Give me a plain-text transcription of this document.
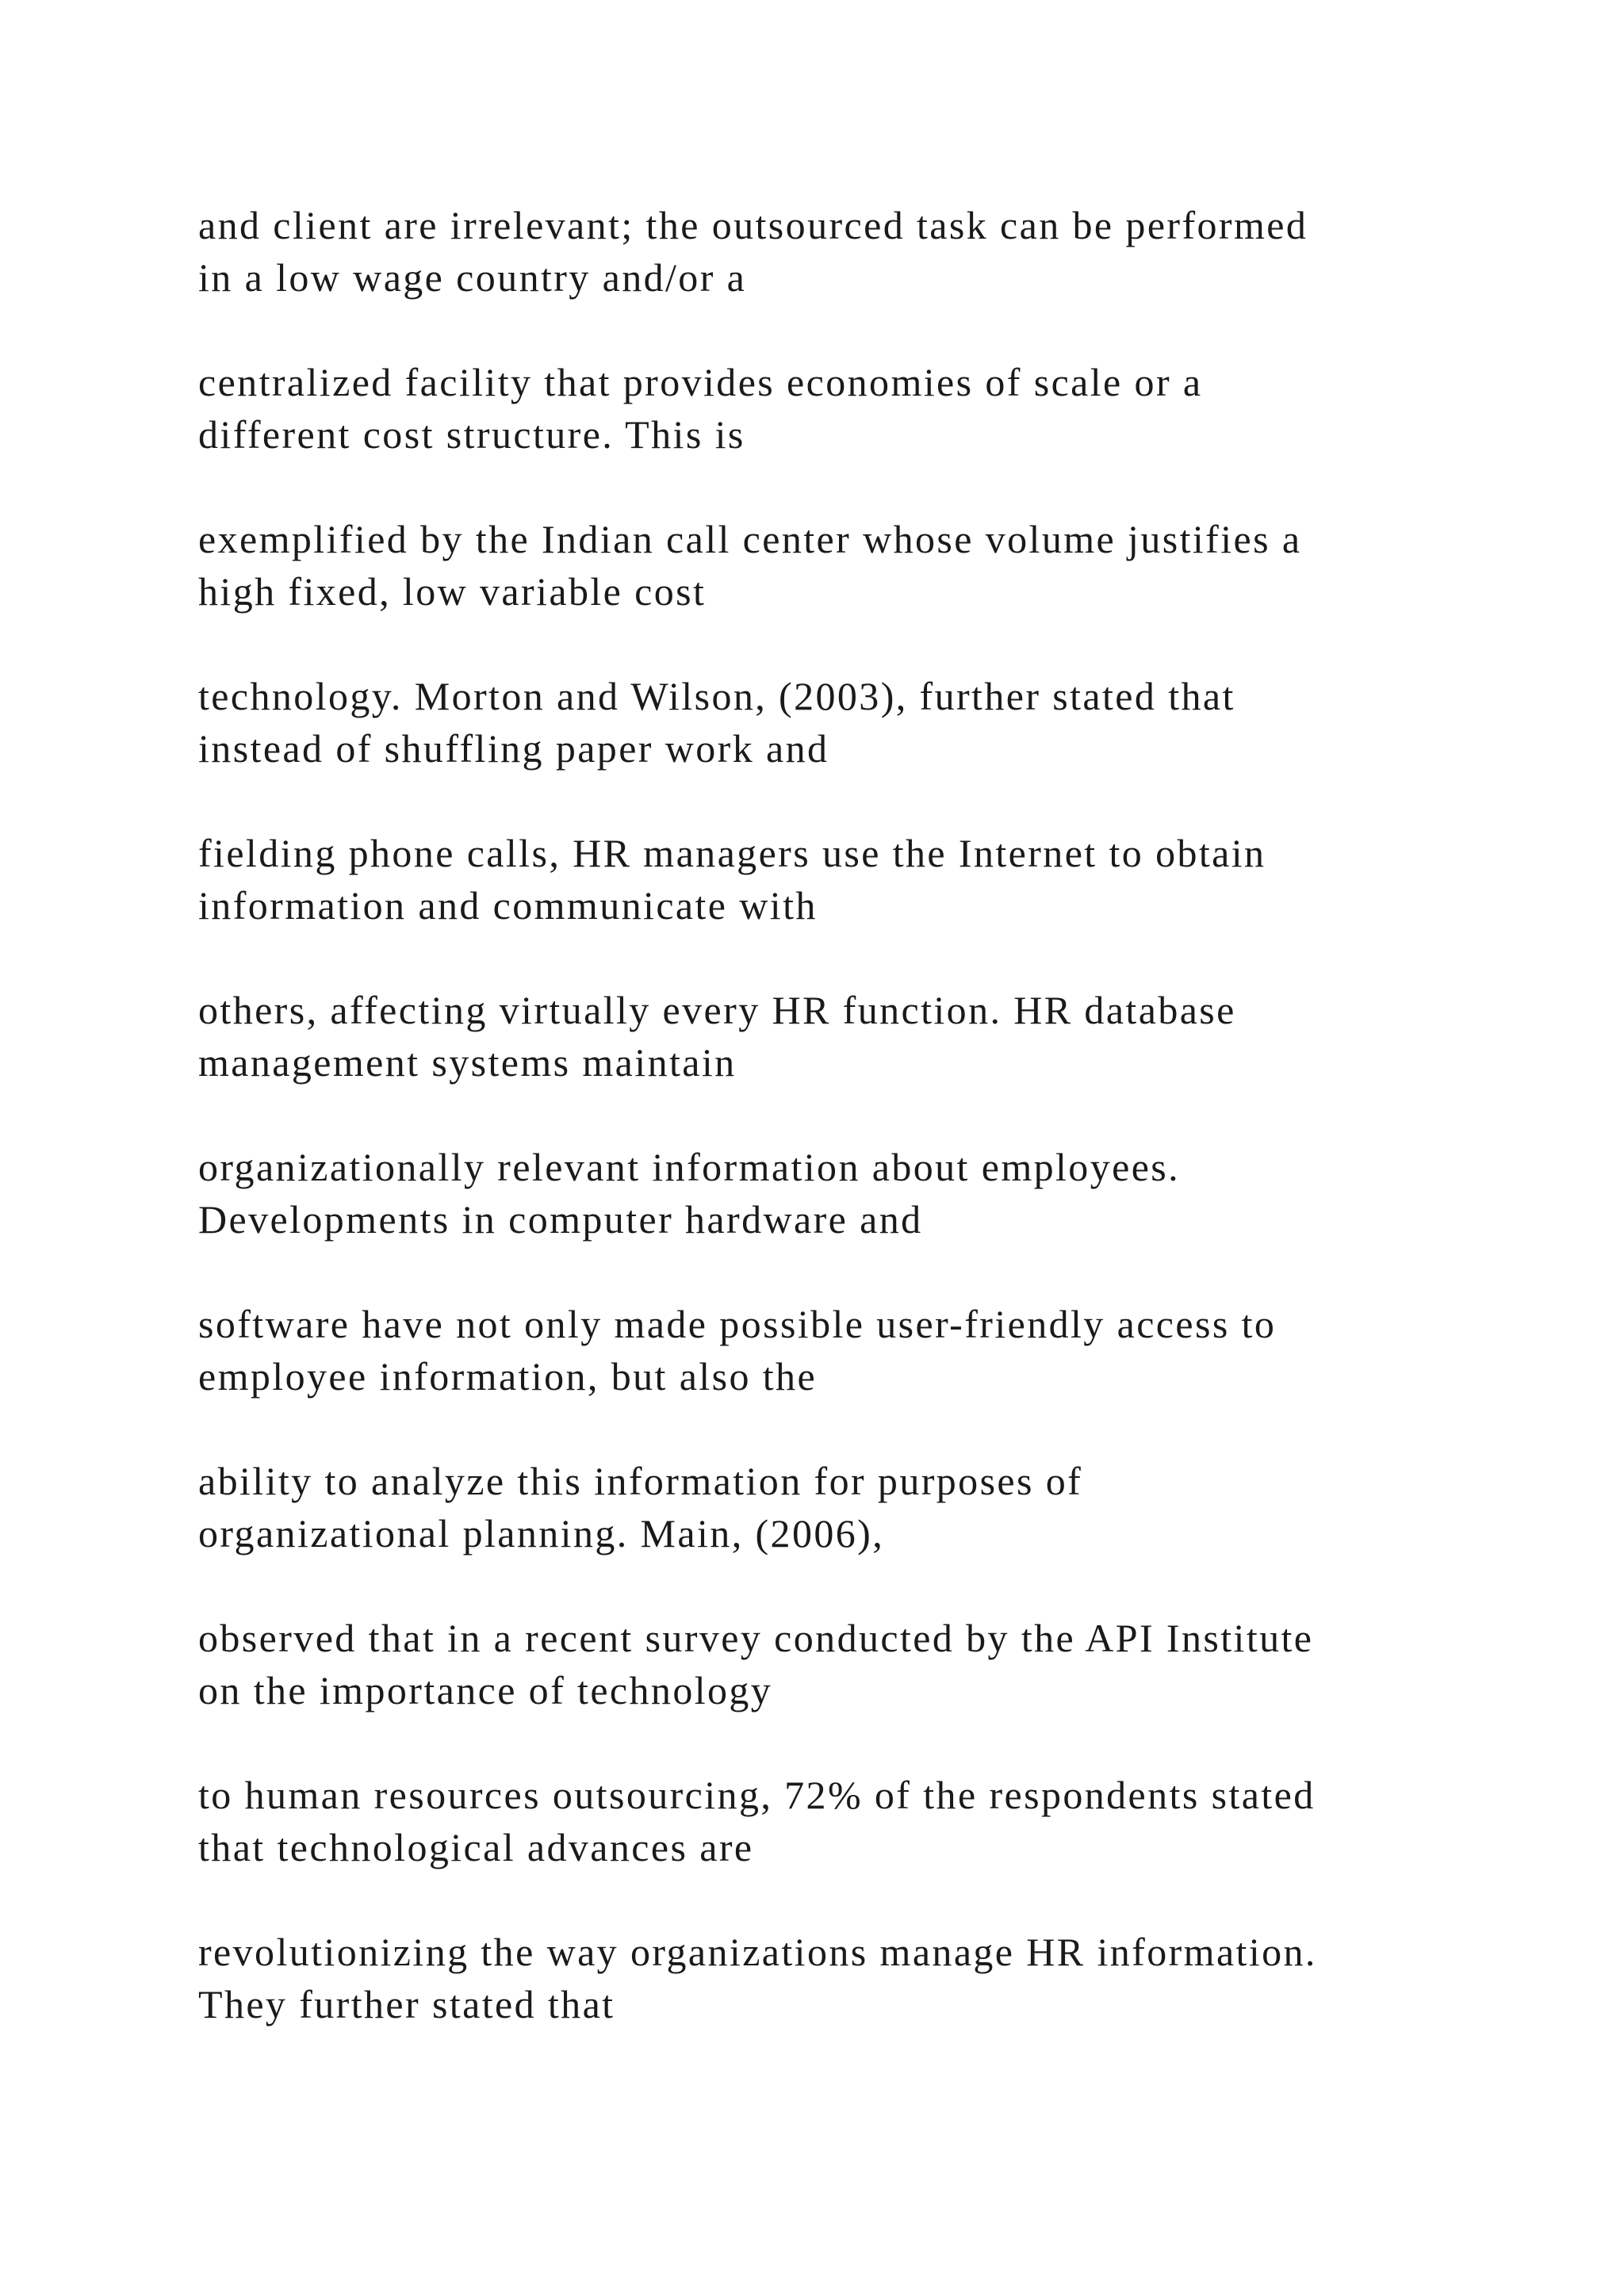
and client are irrelevant; the outsourced task can be performed
in a low wage country and/or a

centralized facility that provides economies of scale or a
different cost structure. This is

exemplified by the Indian call center whose volume justifies a
high fixed, low variable cost

technology. Morton and Wilson, (2003), further stated that
instead of shuffling paper work and

fielding phone calls, HR managers use the Internet to obtain
information and communicate with

others, affecting virtually every HR function. HR database
management systems maintain

organizationally relevant information about employees.
Developments in computer hardware and

software have not only made possible user-friendly access to
employee information, but also the

ability to analyze this information for purposes of
organizational planning. Main, (2006),

observed that in a recent survey conducted by the API Institute
on the importance of technology

to human resources outsourcing, 72% of the respondents stated
that technological advances are

revolutionizing the way organizations manage HR information.
They further stated that
